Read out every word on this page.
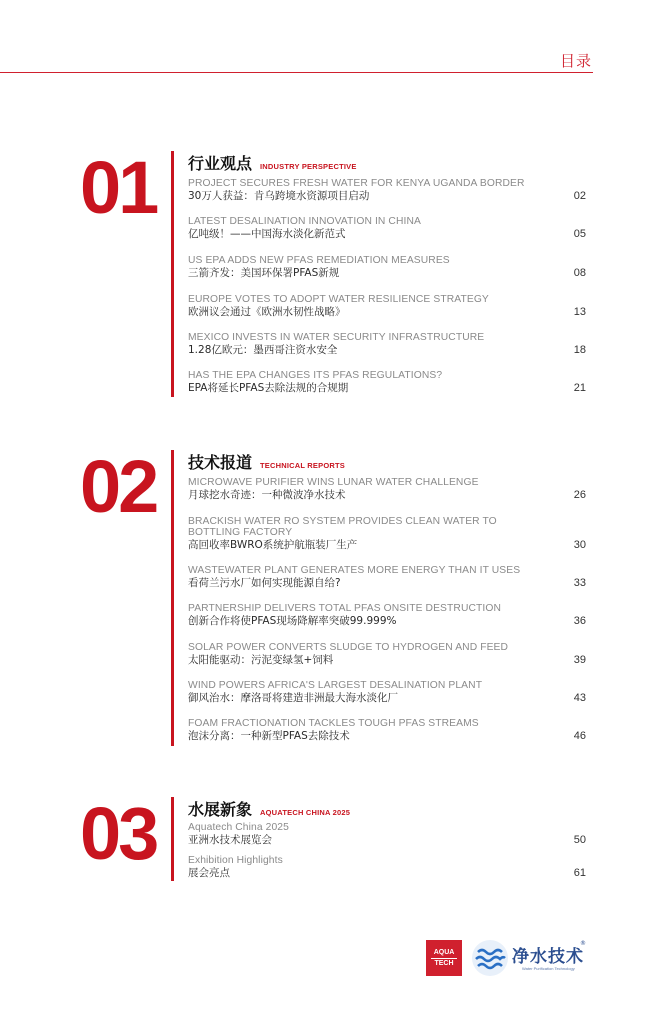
目录
01 行业观点 INDUSTRY PERSPECTIVE
PROJECT SECURES FRESH WATER FOR KENYA UGANDA BORDER
30万人获益：肯乌跨境水资源项目启动	02
LATEST DESALINATION INNOVATION IN CHINA
亿吨级！——中国海水淡化新范式	05
US EPA ADDS NEW PFAS REMEDIATION MEASURES
三箭齐发：美国环保署PFAS新规	08
EUROPE VOTES TO ADOPT WATER RESILIENCE STRATEGY
欧洲议会通过《欧洲水韧性战略》	13
MEXICO INVESTS IN WATER SECURITY INFRASTRUCTURE
1.28亿欧元：墨西哥注资水安全	18
HAS THE EPA CHANGES ITS PFAS REGULATIONS?
EPA将延长PFAS去除法规的合规期	21
02 技术报道 TECHNICAL REPORTS
MICROWAVE PURIFIER WINS LUNAR WATER CHALLENGE
月球挖水奇迹：一种微波净水技术	26
BRACKISH WATER RO SYSTEM PROVIDES CLEAN WATER TO BOTTLING FACTORY
高回收率BWRO系统护航瓶装厂生产	30
WASTEWATER PLANT GENERATES MORE ENERGY THAN IT USES
看荷兰污水厂如何实现能源自给?	33
PARTNERSHIP DELIVERS TOTAL PFAS ONSITE DESTRUCTION
创新合作将使PFAS现场降解率突破99.999%	36
SOLAR POWER CONVERTS SLUDGE TO HYDROGEN AND FEED
太阳能驱动：污泥变绿氢+饲料	39
WIND POWERS AFRICA'S LARGEST DESALINATION PLANT
御风治水：摩洛哥将建造非洲最大海水淡化厂	43
FOAM FRACTIONATION TACKLES TOUGH PFAS STREAMS
泡沫分离：一种新型PFAS去除技术	46
03 水展新象 AQUATECH CHINA 2025
Aquatech China 2025
亚洲水技术展览会	50
Exhibition Highlights
展会亮点	61
AQUA
TECH	净水技术
®
Water Purification Technology
